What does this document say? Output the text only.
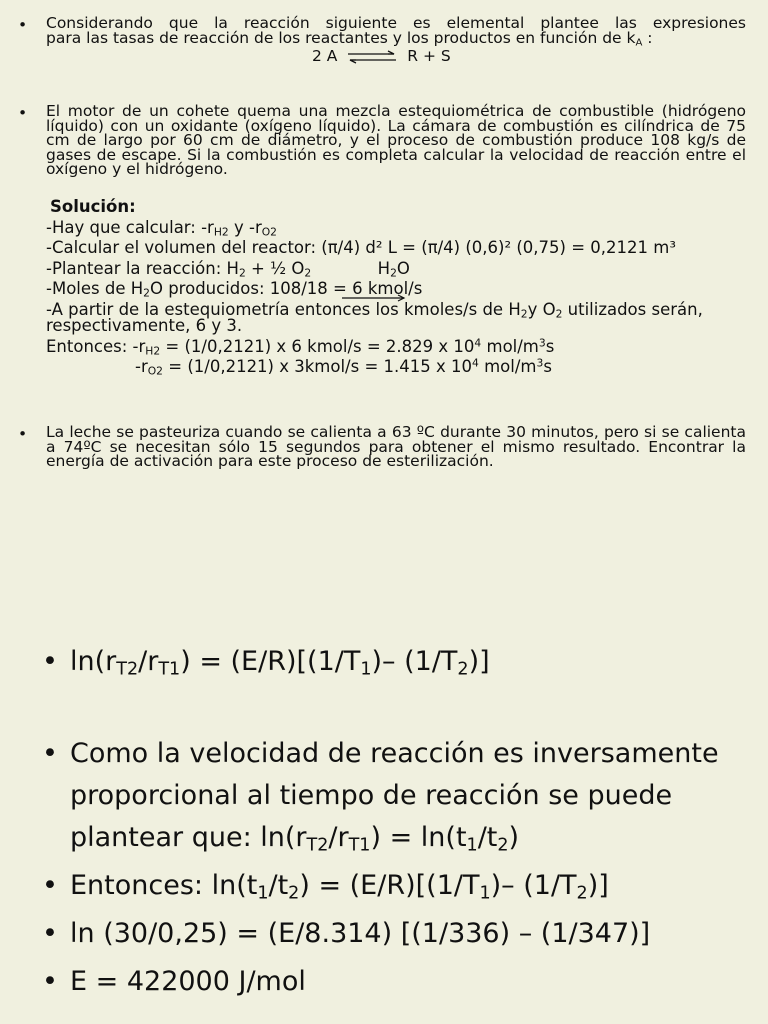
• Considerando que la reacción siguiente es elemental plantee las expresiones
para las tasas de reacción de los reactantes y los productos en función de $k_A$ :
2 A ⇌ R + S
• El motor de un cohete quema una mezcla estequiométrica de combustible (hidrógeno líquido) con un oxidante (oxígeno líquido). La cámara de combustión es cilíndrica de 75 cm de largo por 60 cm de diámetro, y el proceso de combustión produce 108 kg/s de gases de escape. Si la combustión es completa calcular la velocidad de reacción entre el oxígeno y el hidrógeno.
Solución:
-Hay que calcular: $-r_{H2}$ y $-r_{O2}$
-Calcular el volumen del reactor: (π/4) d² L = (π/4) (0,6)² (0,75) = 0,2121 m³
-Plantear la reacción: $H_2$ + ½ $O_2$	$H_2O$
-Moles de $H_2O$ producidos: 108/18 = 6 kmol/s
-A partir de la estequiometría entonces los kmoles/s de $H_2y$ $O_2$ utilizados serán,
respectivamente, 6 y 3.
Entonces: $-r_{H2} = (1/0,2121)$ x 6 kmol/s = 2.829 x $10^4$ mol/$m^3s$
$-r_{O2} = (1/0,2121)$ x 3kmol/s = 1.415 x $10^4$ mol/$m^3s$
• La leche se pasteuriza cuando se calienta a 63 ºC durante 30 minutos, pero si se calienta a 74ºC se necesitan sólo 15 segundos para obtener el mismo resultado. Encontrar la energía de activación para este proceso de esterilización.
• $\ln(r_{T2}/r_{T1}) = (E/R)[(1/T_1)-$ $(1/T_2)$]
• Como la velocidad de reacción es inversamente
proporcional al tiempo de reacción se puede
plantear que: $\ln(r_{T2}/r_{T1}) = \ln(t_1/t_2)$
• Entonces: $\ln(t_1/t_2) = (E/R)[(1/T_1)-$ $(1/T_2)$]
• ln (30/0,25) = (E/8.314) [(1/336) – (1/347)]
• E = 422000 J/mol
